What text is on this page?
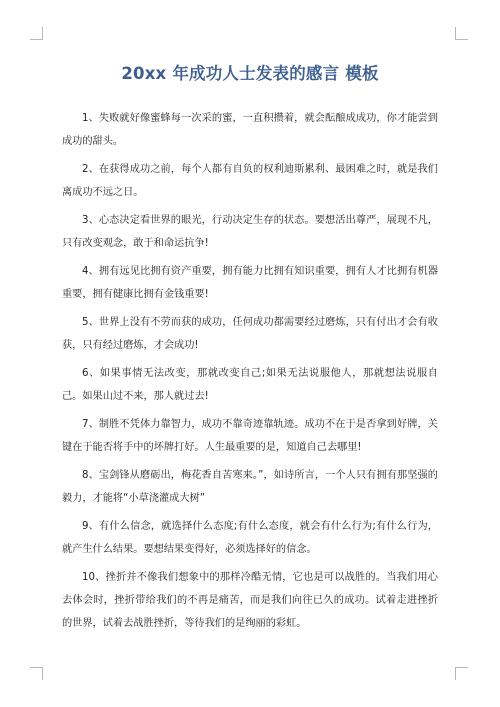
20xx 年成功人士发表的感言 模板

1、失败就好像蜜蜂每一次采的蜜，一直积攒着，就会酝酿成成功，你才能尝到成功的甜头。

2、在获得成功之前，每个人都有自负的权利迪斯累利、最困难之时，就是我们离成功不远之日。

3、心态决定看世界的眼光，行动决定生存的状态。要想活出尊严，展现不凡，只有改变观念，敢于和命运抗争!

4、拥有远见比拥有资产重要，拥有能力比拥有知识重要，拥有人才比拥有机器重要，拥有健康比拥有金钱重要!

5、世界上没有不劳而获的成功，任何成功都需要经过磨炼，只有付出才会有收获，只有经过磨炼，才会成功!

6、如果事情无法改变，那就改变自己;如果无法说服他人，那就想法说服自己。如果山过不来，那人就过去!

7、制胜不凭体力靠智力，成功不靠奇迹靠轨迹。成功不在于是否拿到好牌，关键在于能否将手中的坏牌打好。人生最重要的是，知道自己去哪里!

8、宝剑锋从磨砺出，梅花香自苦寒来。”，如诗所言，一个人只有拥有那坚强的毅力，才能将“小草浇灌成大树”

9、有什么信念，就选择什么态度;有什么态度，就会有什么行为;有什么行为，就产生什么结果。要想结果变得好，必须选择好的信念。

10、挫折并不像我们想象中的那样冷酷无情，它也是可以战胜的。当我们用心去体会时，挫折带给我们的不再是痛苦，而是我们向往已久的成功。试着走进挫折的世界，试着去战胜挫折，等待我们的是绚丽的彩虹。
